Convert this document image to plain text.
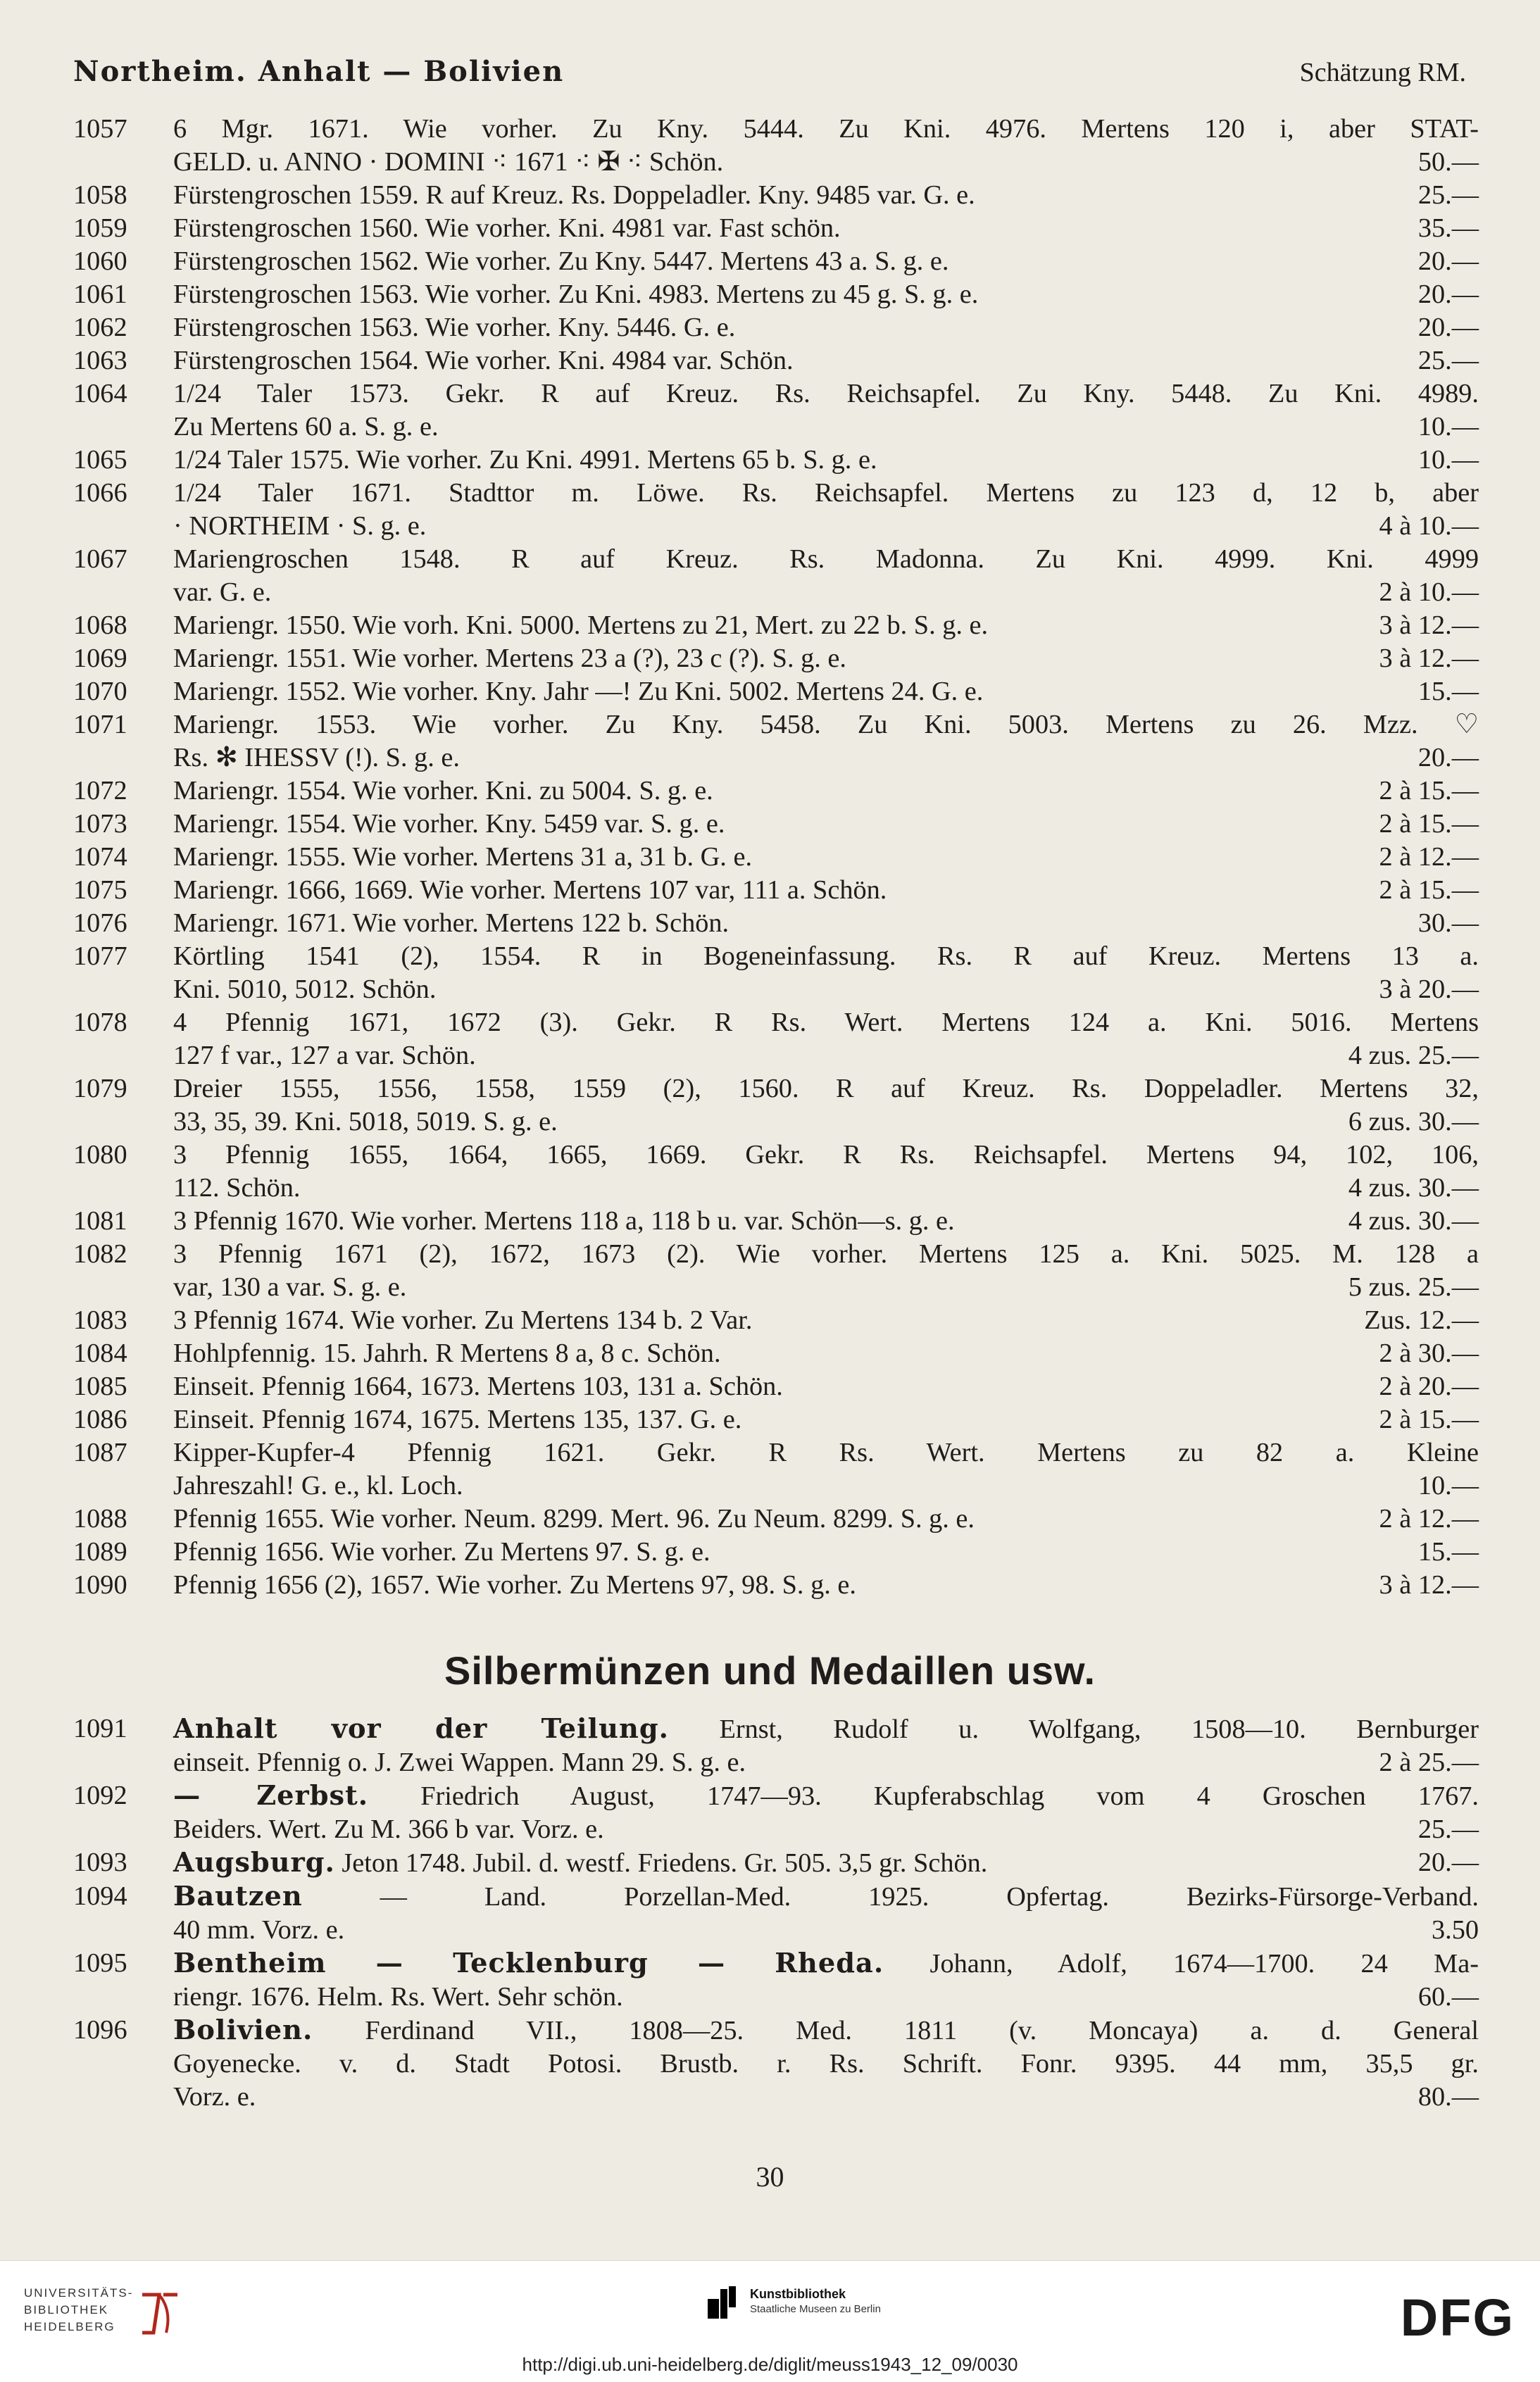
Northeim. Anhalt — Bolivien	Schätzung RM.
1057	6 Mgr. 1671. Wie vorher. Zu Kny. 5444. Zu Kni. 4976. Mertens 120 i, aber STAT-
GELD. u. ANNO · DOMINI ⁖ 1671 ⁖ ✠ ⁖ Schön.	50.—
1058	Fürstengroschen 1559. R auf Kreuz. Rs. Doppeladler. Kny. 9485 var. G. e.	25.—
1059	Fürstengroschen 1560. Wie vorher. Kni. 4981 var. Fast schön.	35.—
1060	Fürstengroschen 1562. Wie vorher. Zu Kny. 5447. Mertens 43 a. S. g. e.	20.—
1061	Fürstengroschen 1563. Wie vorher. Zu Kni. 4983. Mertens zu 45 g. S. g. e.	20.—
1062	Fürstengroschen 1563. Wie vorher. Kny. 5446. G. e.	20.—
1063	Fürstengroschen 1564. Wie vorher. Kni. 4984 var. Schön.	25.—
1064	1/24 Taler 1573. Gekr. R auf Kreuz. Rs. Reichsapfel. Zu Kny. 5448. Zu Kni. 4989.
Zu Mertens 60 a. S. g. e.	10.—
1065	1/24 Taler 1575. Wie vorher. Zu Kni. 4991. Mertens 65 b. S. g. e.	10.—
1066	1/24 Taler 1671. Stadttor m. Löwe. Rs. Reichsapfel. Mertens zu 123 d, 12 b, aber
· NORTHEIM · S. g. e.	4 à 10.—
1067	Mariengroschen 1548. R auf Kreuz. Rs. Madonna. Zu Kni. 4999. Kni. 4999
var. G. e.	2 à 10.—
1068	Mariengr. 1550. Wie vorh. Kni. 5000. Mertens zu 21, Mert. zu 22 b. S. g. e.	3 à 12.—
1069	Mariengr. 1551. Wie vorher. Mertens 23 a (?), 23 c (?). S. g. e.	3 à 12.—
1070	Mariengr. 1552. Wie vorher. Kny. Jahr —! Zu Kni. 5002. Mertens 24. G. e.	15.—
1071	Mariengr. 1553. Wie vorher. Zu Kny. 5458. Zu Kni. 5003. Mertens zu 26. Mzz. ♡
Rs. ✻ IHESSV (!). S. g. e.	20.—
1072	Mariengr. 1554. Wie vorher. Kni. zu 5004. S. g. e.	2 à 15.—
1073	Mariengr. 1554. Wie vorher. Kny. 5459 var. S. g. e.	2 à 15.—
1074	Mariengr. 1555. Wie vorher. Mertens 31 a, 31 b. G. e.	2 à 12.—
1075	Mariengr. 1666, 1669. Wie vorher. Mertens 107 var, 111 a. Schön.	2 à 15.—
1076	Mariengr. 1671. Wie vorher. Mertens 122 b. Schön.	30.—
1077	Körtling 1541 (2), 1554. R in Bogeneinfassung. Rs. R auf Kreuz. Mertens 13 a.
Kni. 5010, 5012. Schön.	3 à 20.—
1078	4 Pfennig 1671, 1672 (3). Gekr. R Rs. Wert. Mertens 124 a. Kni. 5016. Mertens
127 f var., 127 a var. Schön.	4 zus. 25.—
1079	Dreier 1555, 1556, 1558, 1559 (2), 1560. R auf Kreuz. Rs. Doppeladler. Mertens 32,
33, 35, 39. Kni. 5018, 5019. S. g. e.	6 zus. 30.—
1080	3 Pfennig 1655, 1664, 1665, 1669. Gekr. R Rs. Reichsapfel. Mertens 94, 102, 106,
112. Schön.	4 zus. 30.—
1081	3 Pfennig 1670. Wie vorher. Mertens 118 a, 118 b u. var. Schön—s. g. e.	4 zus. 30.—
1082	3 Pfennig 1671 (2), 1672, 1673 (2). Wie vorher. Mertens 125 a. Kni. 5025. M. 128 a
var, 130 a var. S. g. e.	5 zus. 25.—
1083	3 Pfennig 1674. Wie vorher. Zu Mertens 134 b. 2 Var.	Zus. 12.—
1084	Hohlpfennig. 15. Jahrh. R Mertens 8 a, 8 c. Schön.	2 à 30.—
1085	Einseit. Pfennig 1664, 1673. Mertens 103, 131 a. Schön.	2 à 20.—
1086	Einseit. Pfennig 1674, 1675. Mertens 135, 137. G. e.	2 à 15.—
1087	Kipper-Kupfer-4 Pfennig 1621. Gekr. R Rs. Wert. Mertens zu 82 a. Kleine
Jahreszahl! G. e., kl. Loch.	10.—
1088	Pfennig 1655. Wie vorher. Neum. 8299. Mert. 96. Zu Neum. 8299. S. g. e.	2 à 12.—
1089	Pfennig 1656. Wie vorher. Zu Mertens 97. S. g. e.	15.—
1090	Pfennig 1656 (2), 1657. Wie vorher. Zu Mertens 97, 98. S. g. e.	3 à 12.—
Silbermünzen und Medaillen usw.
1091	Anhalt vor der Teilung. Ernst, Rudolf u. Wolfgang, 1508—10. Bernburger
einseit. Pfennig o. J. Zwei Wappen. Mann 29. S. g. e.	2 à 25.—
1092	— Zerbst. Friedrich August, 1747—93. Kupferabschlag vom 4 Groschen 1767.
Beiders. Wert. Zu M. 366 b var. Vorz. e.	25.—
1093	Augsburg. Jeton 1748. Jubil. d. westf. Friedens. Gr. 505. 3,5 gr. Schön.	20.—
1094	Bautzen — Land. Porzellan-Med. 1925. Opfertag. Bezirks-Fürsorge-Verband.
40 mm. Vorz. e.	3.50
1095	Bentheim — Tecklenburg — Rheda. Johann, Adolf, 1674—1700. 24 Ma-
riengr. 1676. Helm. Rs. Wert. Sehr schön.	60.—
1096	Bolivien. Ferdinand VII., 1808—25. Med. 1811 (v. Moncaya) a. d. General
Goyenecke. v. d. Stadt Potosi. Brustb. r. Rs. Schrift. Fonr. 9395. 44 mm, 35,5 gr.
Vorz. e.	80.—
30
UNIVERSITÄTS-
BIBLIOTHEK
HEIDELBERG
Kunstbibliothek
Staatliche Museen zu Berlin	DFG
http://digi.ub.uni-heidelberg.de/diglit/meuss1943_12_09/0030
